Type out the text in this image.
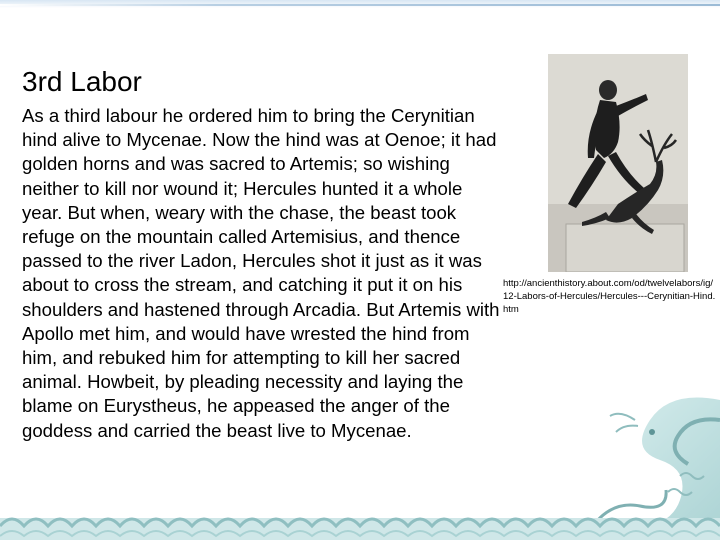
3rd Labor

As a third labour he ordered him to bring the Cerynitian hind alive to Mycenae. Now the hind was at Oenoe; it had golden horns and was sacred to Artemis; so wishing neither to kill nor wound it; Hercules hunted it a whole year. But when, weary with the chase, the beast took refuge on the mountain called Artemisius, and thence passed to the river Ladon, Hercules shot it just as it was about to cross the stream, and catching it put it on his shoulders and hastened through Arcadia. But Artemis with Apollo met him, and would have wrested the hind from him, and rebuked him for attempting to kill her sacred animal. Howbeit, by pleading necessity and laying the blame on Eurystheus, he appeased the anger of the goddess and carried the beast live to Mycenae.

http://ancienthistory.about.com/od/twelvelabors/ig/12-Labors-of-Hercules/Hercules---Cerynitian-Hind.htm
